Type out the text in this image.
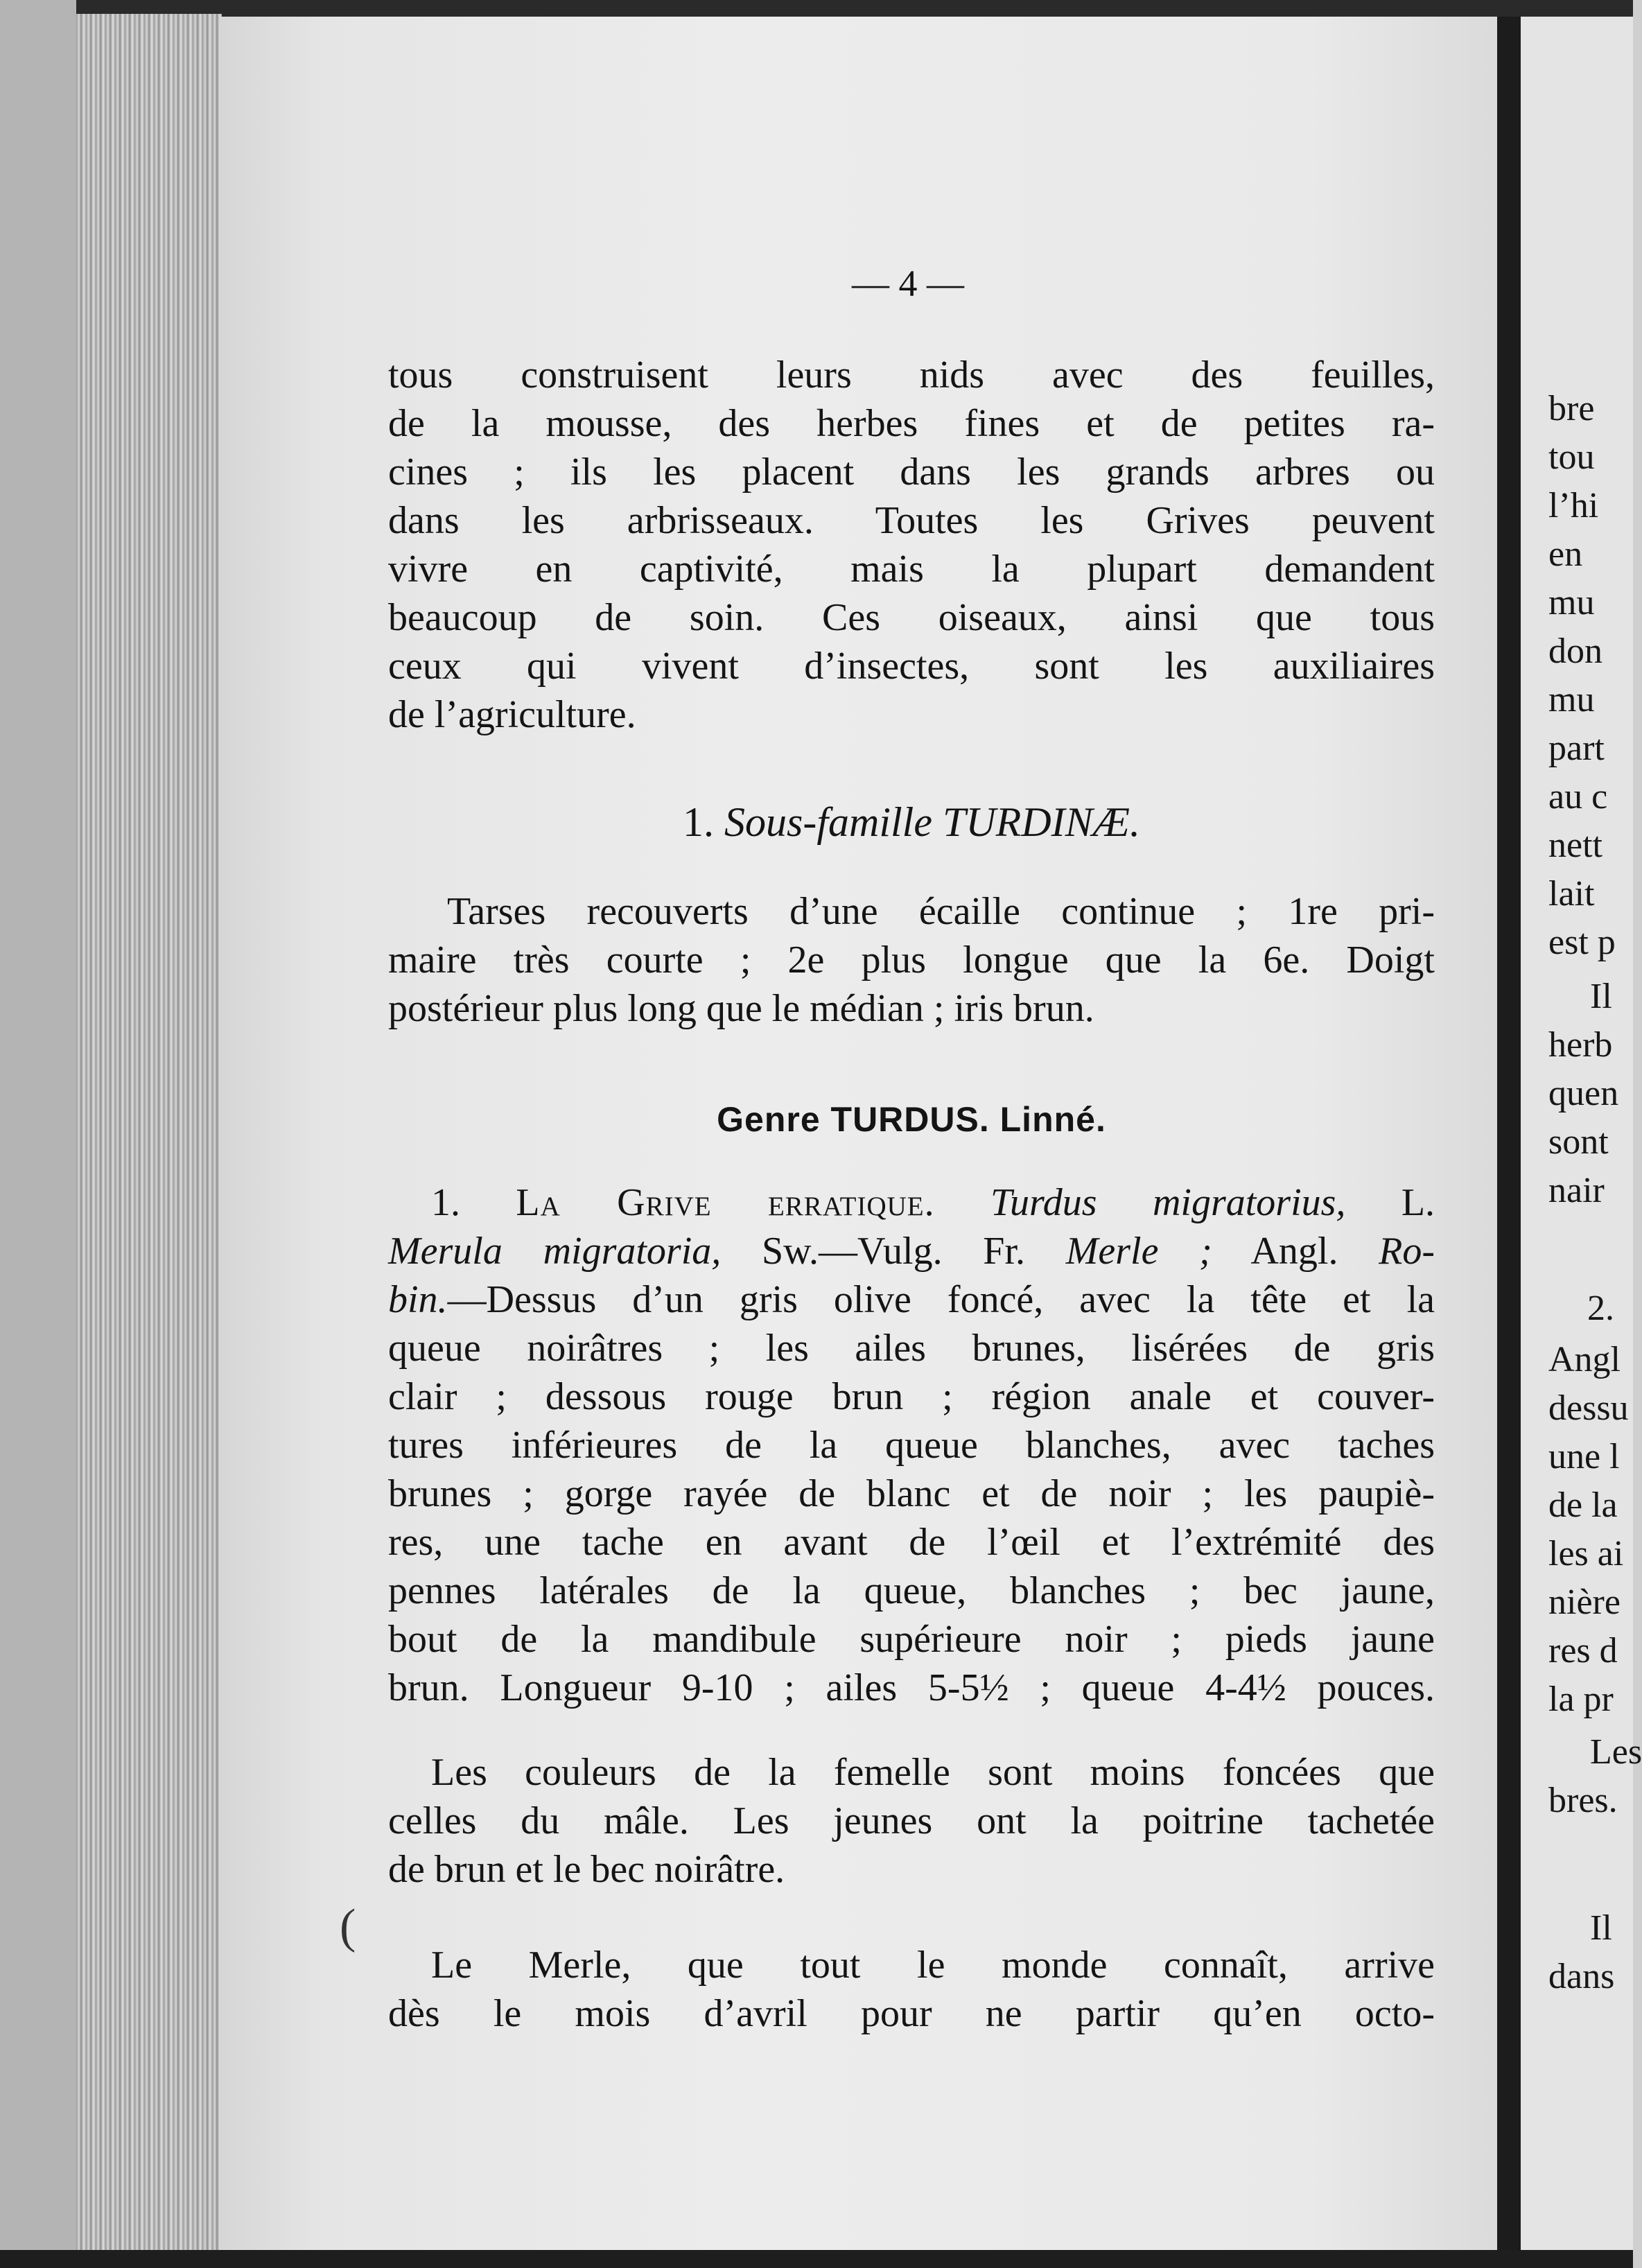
— 4 —
tous construisent leurs nids avec des feuilles,
de la mousse, des herbes fines et de petites ra-
cines ; ils les placent dans les grands arbres ou
dans les arbrisseaux. Toutes les Grives peuvent
vivre en captivité, mais la plupart demandent
beaucoup de soin. Ces oiseaux, ainsi que tous
ceux qui vivent d’insectes, sont les auxiliaires
de l’agriculture.
1. Sous-famille TURDINÆ.
Tarses recouverts d’une écaille continue ; 1re pri-
maire très courte ; 2e plus longue que la 6e. Doigt
postérieur plus long que le médian ; iris brun.
Genre TURDUS. Linné.
1. La Grive erratique. Turdus migratorius, L.
Merula migratoria, Sw.—Vulg. Fr. Merle ; Angl. Ro-
bin.—Dessus d’un gris olive foncé, avec la tête et la
queue noirâtres ; les ailes brunes, lisérées de gris
clair ; dessous rouge brun ; région anale et couver-
tures inférieures de la queue blanches, avec taches
brunes ; gorge rayée de blanc et de noir ; les paupiè-
res, une tache en avant de l’œil et l’extrémité des
pennes latérales de la queue, blanches ; bec jaune,
bout de la mandibule supérieure noir ; pieds jaune
brun. Longueur 9-10 ; ailes 5-5½ ; queue 4-4½ pouces.
Les couleurs de la femelle sont moins foncées que
celles du mâle. Les jeunes ont la poitrine tachetée
de brun et le bec noirâtre.
(
Le Merle, que tout le monde connaît, arrive
dès le mois d’avril pour ne partir qu’en octo-
bre
tou
l’hi
en
mu
don
mu
part
au c
nett
lait
est p
Il
herb
quen
sont
nair
2.
Angl
dessu
une l
de la
les ai
nière
res d
la pr
Les
bres.
Il
dans
